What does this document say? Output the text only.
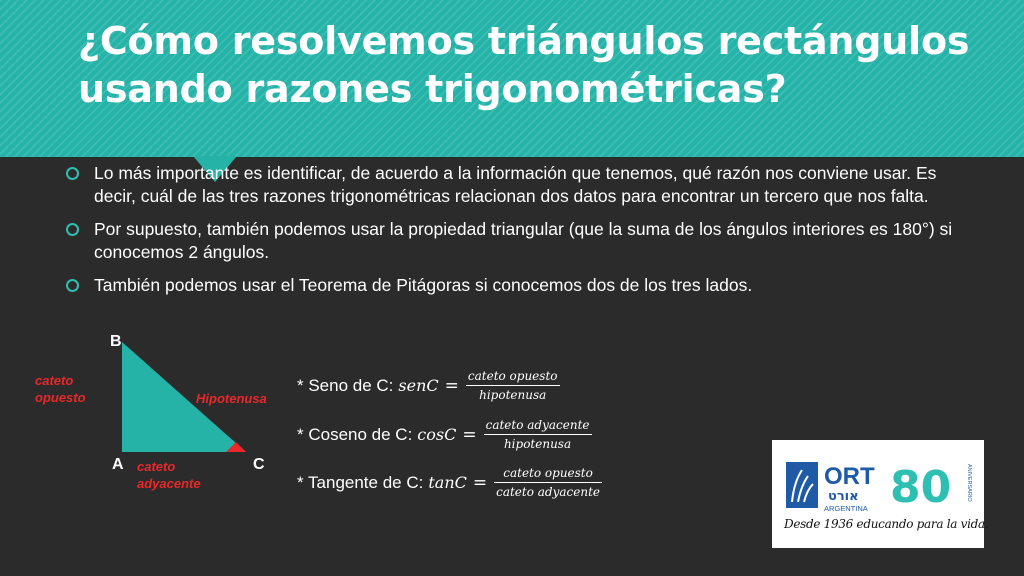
¿Cómo resolvemos triángulos rectángulos usando razones trigonométricas?
Lo más importante es identificar, de acuerdo a la información que tenemos, qué razón nos conviene usar. Es decir, cuál de las tres razones trigonométricas relacionan dos datos para encontrar un tercero que nos falta.
Por supuesto, también podemos usar la propiedad triangular (que la suma de los ángulos interiores es 180°) si conocemos 2 ángulos.
También podemos usar el Teorema de Pitágoras si conocemos dos de los tres lados.
B
A	C
cateto opuesto	Hipotenusa
cateto adyacente
* Seno de C: senC = $\frac{\text{cateto opuesto}}{\text{hipotenusa}}$
* Coseno de C: $\cos C = \frac{\text{cateto adyacente}}{\text{hipotenusa}}$
* Tangente de C: $\tan C = \frac{\text{cateto opuesto}}{\text{cateto adyacente}}$	ORT
אורט
ARGENTINA 80	ANIVERSARIO
Desde 1936 educando para la vida.
